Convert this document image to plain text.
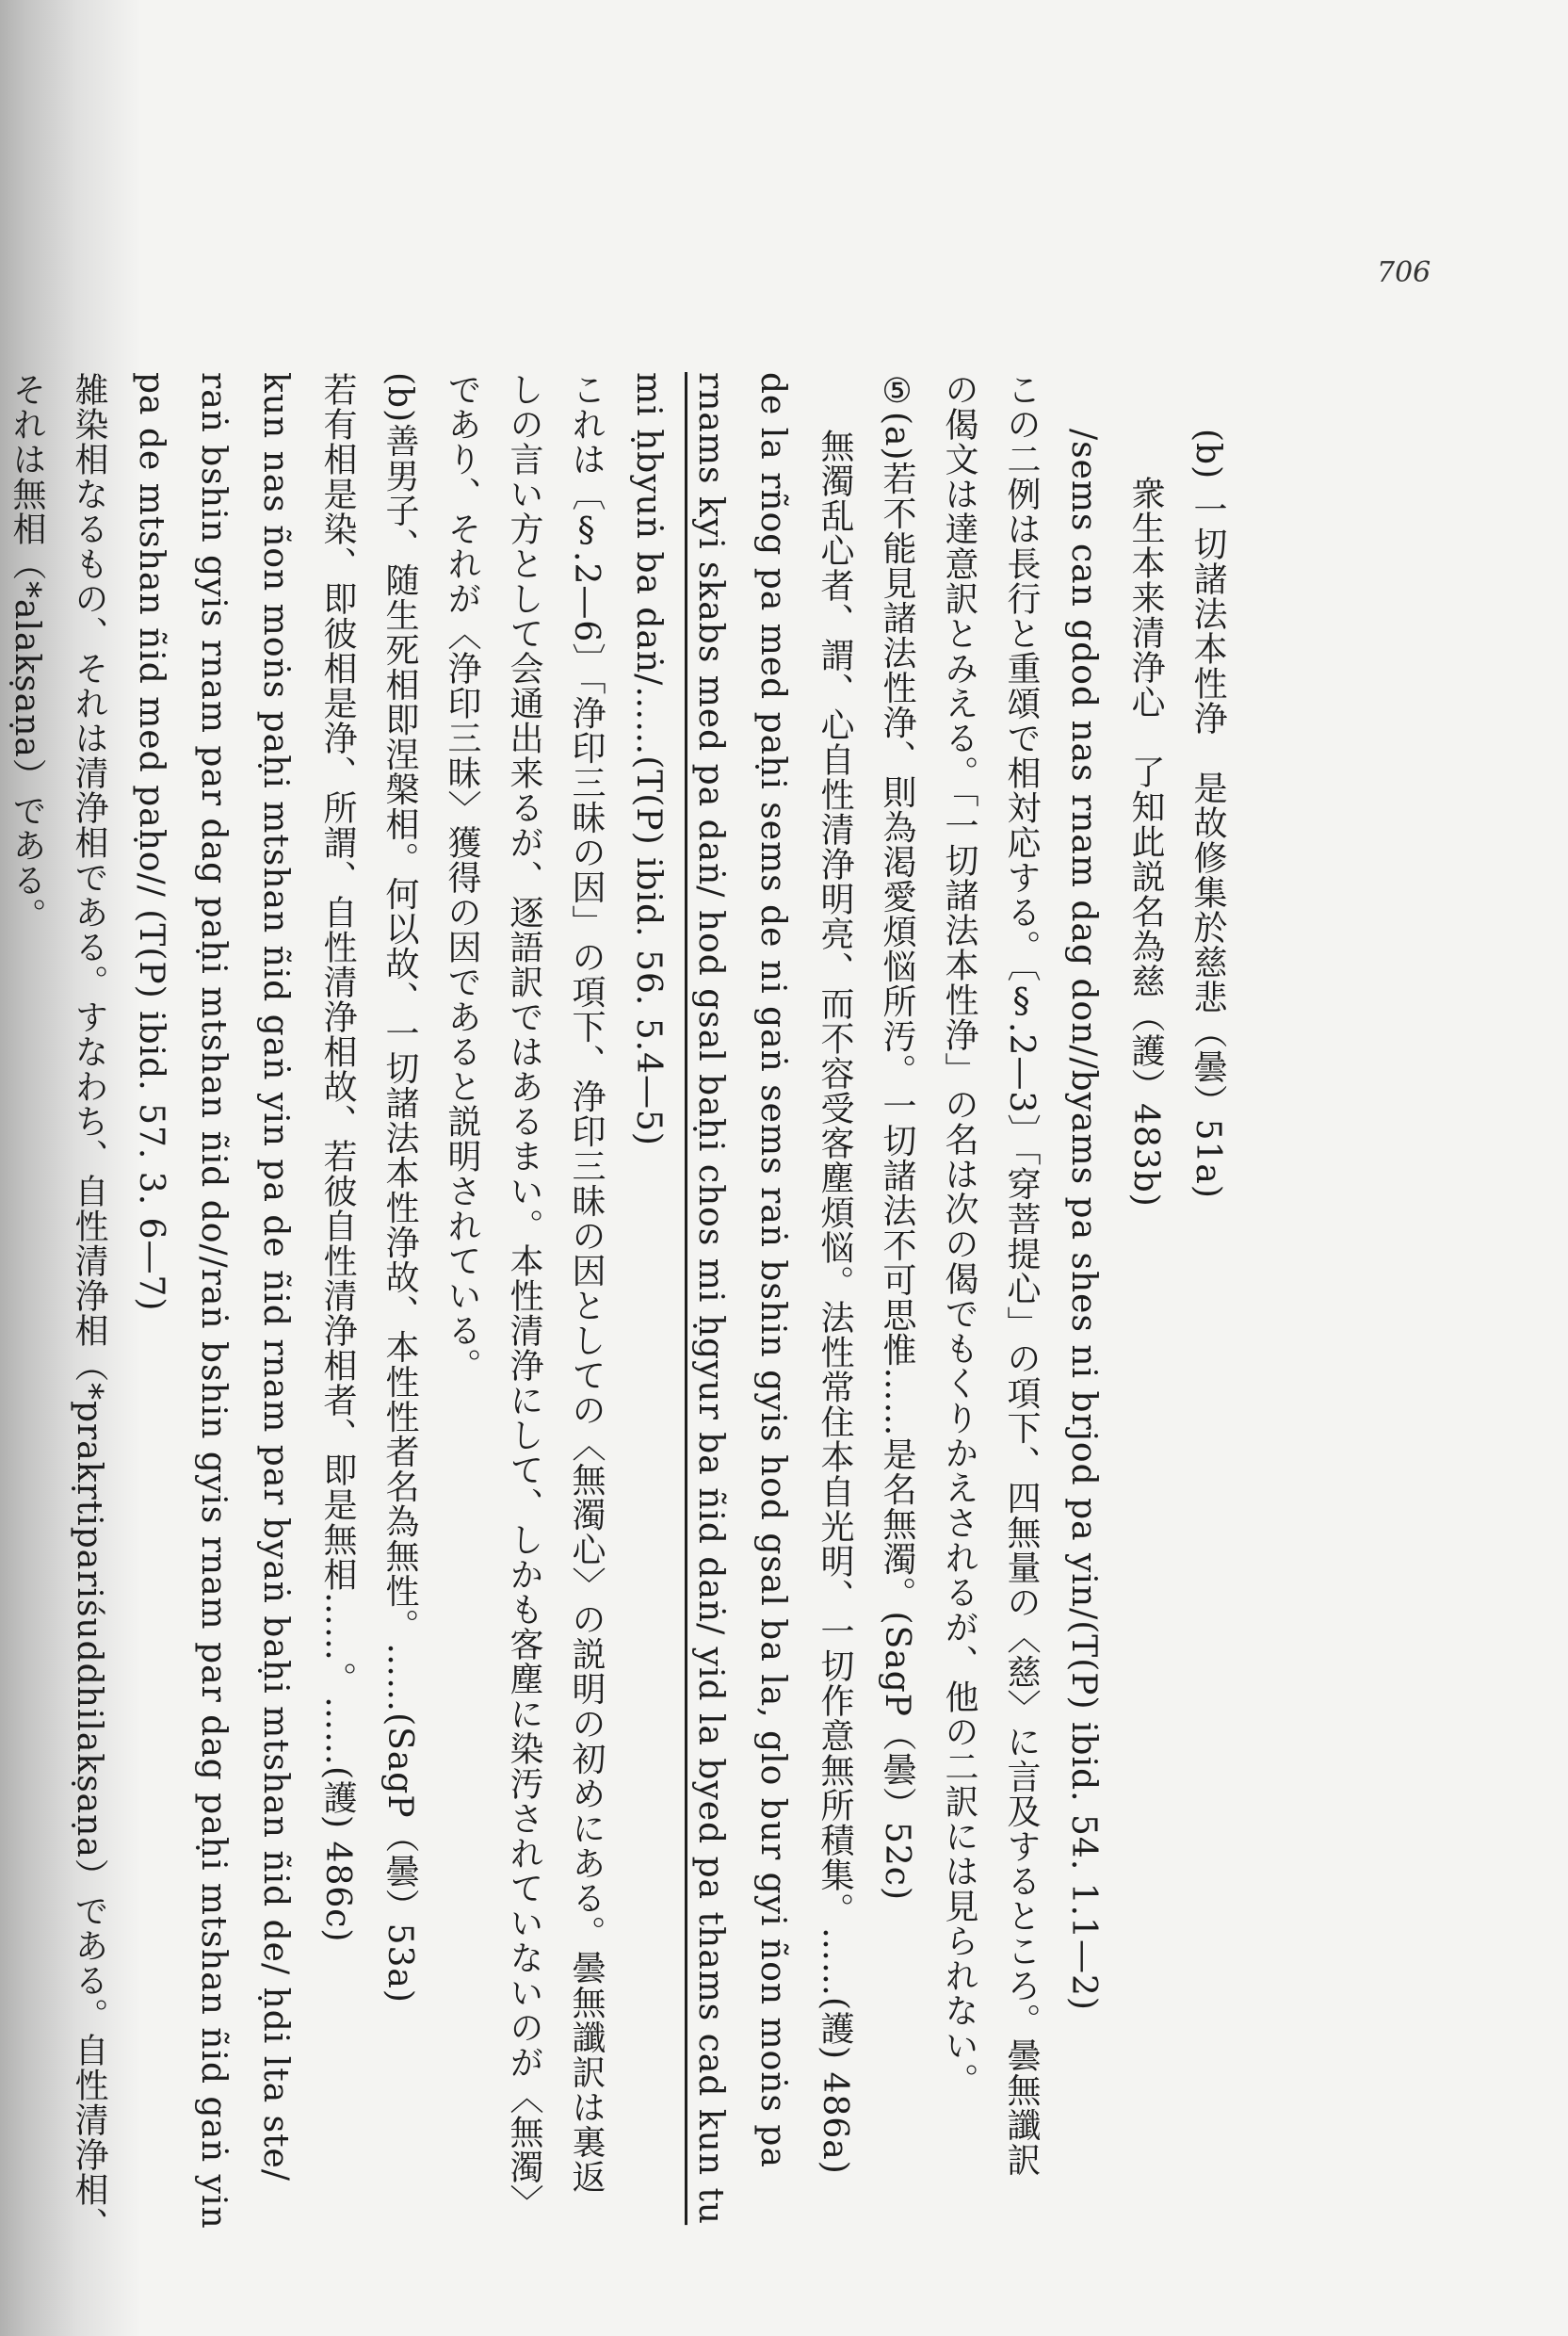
706
(b) 一切諸法本性浄　是故修集於慈悲（曇）51a)
衆生本来清浄心　了知此説名為慈（護）483b)
/sems can gdod nas rnam dag don//byams pa shes ni brjod pa yin/(T(P) ibid. 54. 1.1—2)
この二例は長行と重頌で相対応する。〔§.2—3〕「穿菩提心」の項下、四無量の〈慈〉に言及するところ。曇無讖訳
の偈文は達意訳とみえる。「一切諸法本性浄」の名は次の偈でもくりかえされるが、他の二訳には見られない。
⑤(a)若不能見諸法性浄、則為渇愛煩悩所汚。一切諸法不可思惟……是名無濁。(SagP（曇）52c)
無濁乱心者、謂、心自性清浄明亮、而不容受客塵煩悩。法性常住本自光明、一切作意無所積集。……(護) 486a)
de la rñog pa med paḥi sems de ni gaṅ sems raṅ bshin gyis hod gsal ba la, glo bur gyi ñon moṅs pa
rnams kyi skabs med pa daṅ/ hod gsal baḥi chos mi ḥgyur ba ñid daṅ/ yid la byed pa thams cad kun tu
mi ḥbyuṅ ba daṅ/……(T(P) ibid. 56. 5.4—5)
これは〔§.2—6〕「浄印三昧の因」の項下、浄印三昧の因としての〈無濁心〉の説明の初めにある。曇無讖訳は裏返
しの言い方として会通出来るが、逐語訳ではあるまい。本性清浄にして、しかも客塵に染汚されていないのが〈無濁〉
であり、それが〈浄印三昧〉獲得の因であると説明されている。
(b)善男子、随生死相即涅槃相。何以故、一切諸法本性浄故、本性性者名為無性。……(SagP（曇）53a)
若有相是染、即彼相是浄、所謂、自性清浄相故、若彼自性清浄相者、即是無相……。……(護) 486c)
kun nas ñon moṅs paḥi mtshan ñid gaṅ yin pa de ñid rnam par byaṅ baḥi mtshan ñid de/ ḥdi lta ste/
raṅ bshin gyis rnam par dag paḥi mtshan ñid do//raṅ bshin gyis rnam par dag paḥi mtshan ñid gaṅ yin
pa de mtshan ñid med paḥo// (T(P) ibid. 57. 3. 6—7)
雑染相なるもの、それは清浄相である。すなわち、自性清浄相（*prakṛtipariśuddhilakṣaṇa）である。自性清浄相、
それは無相（*alakṣaṇa）である。
